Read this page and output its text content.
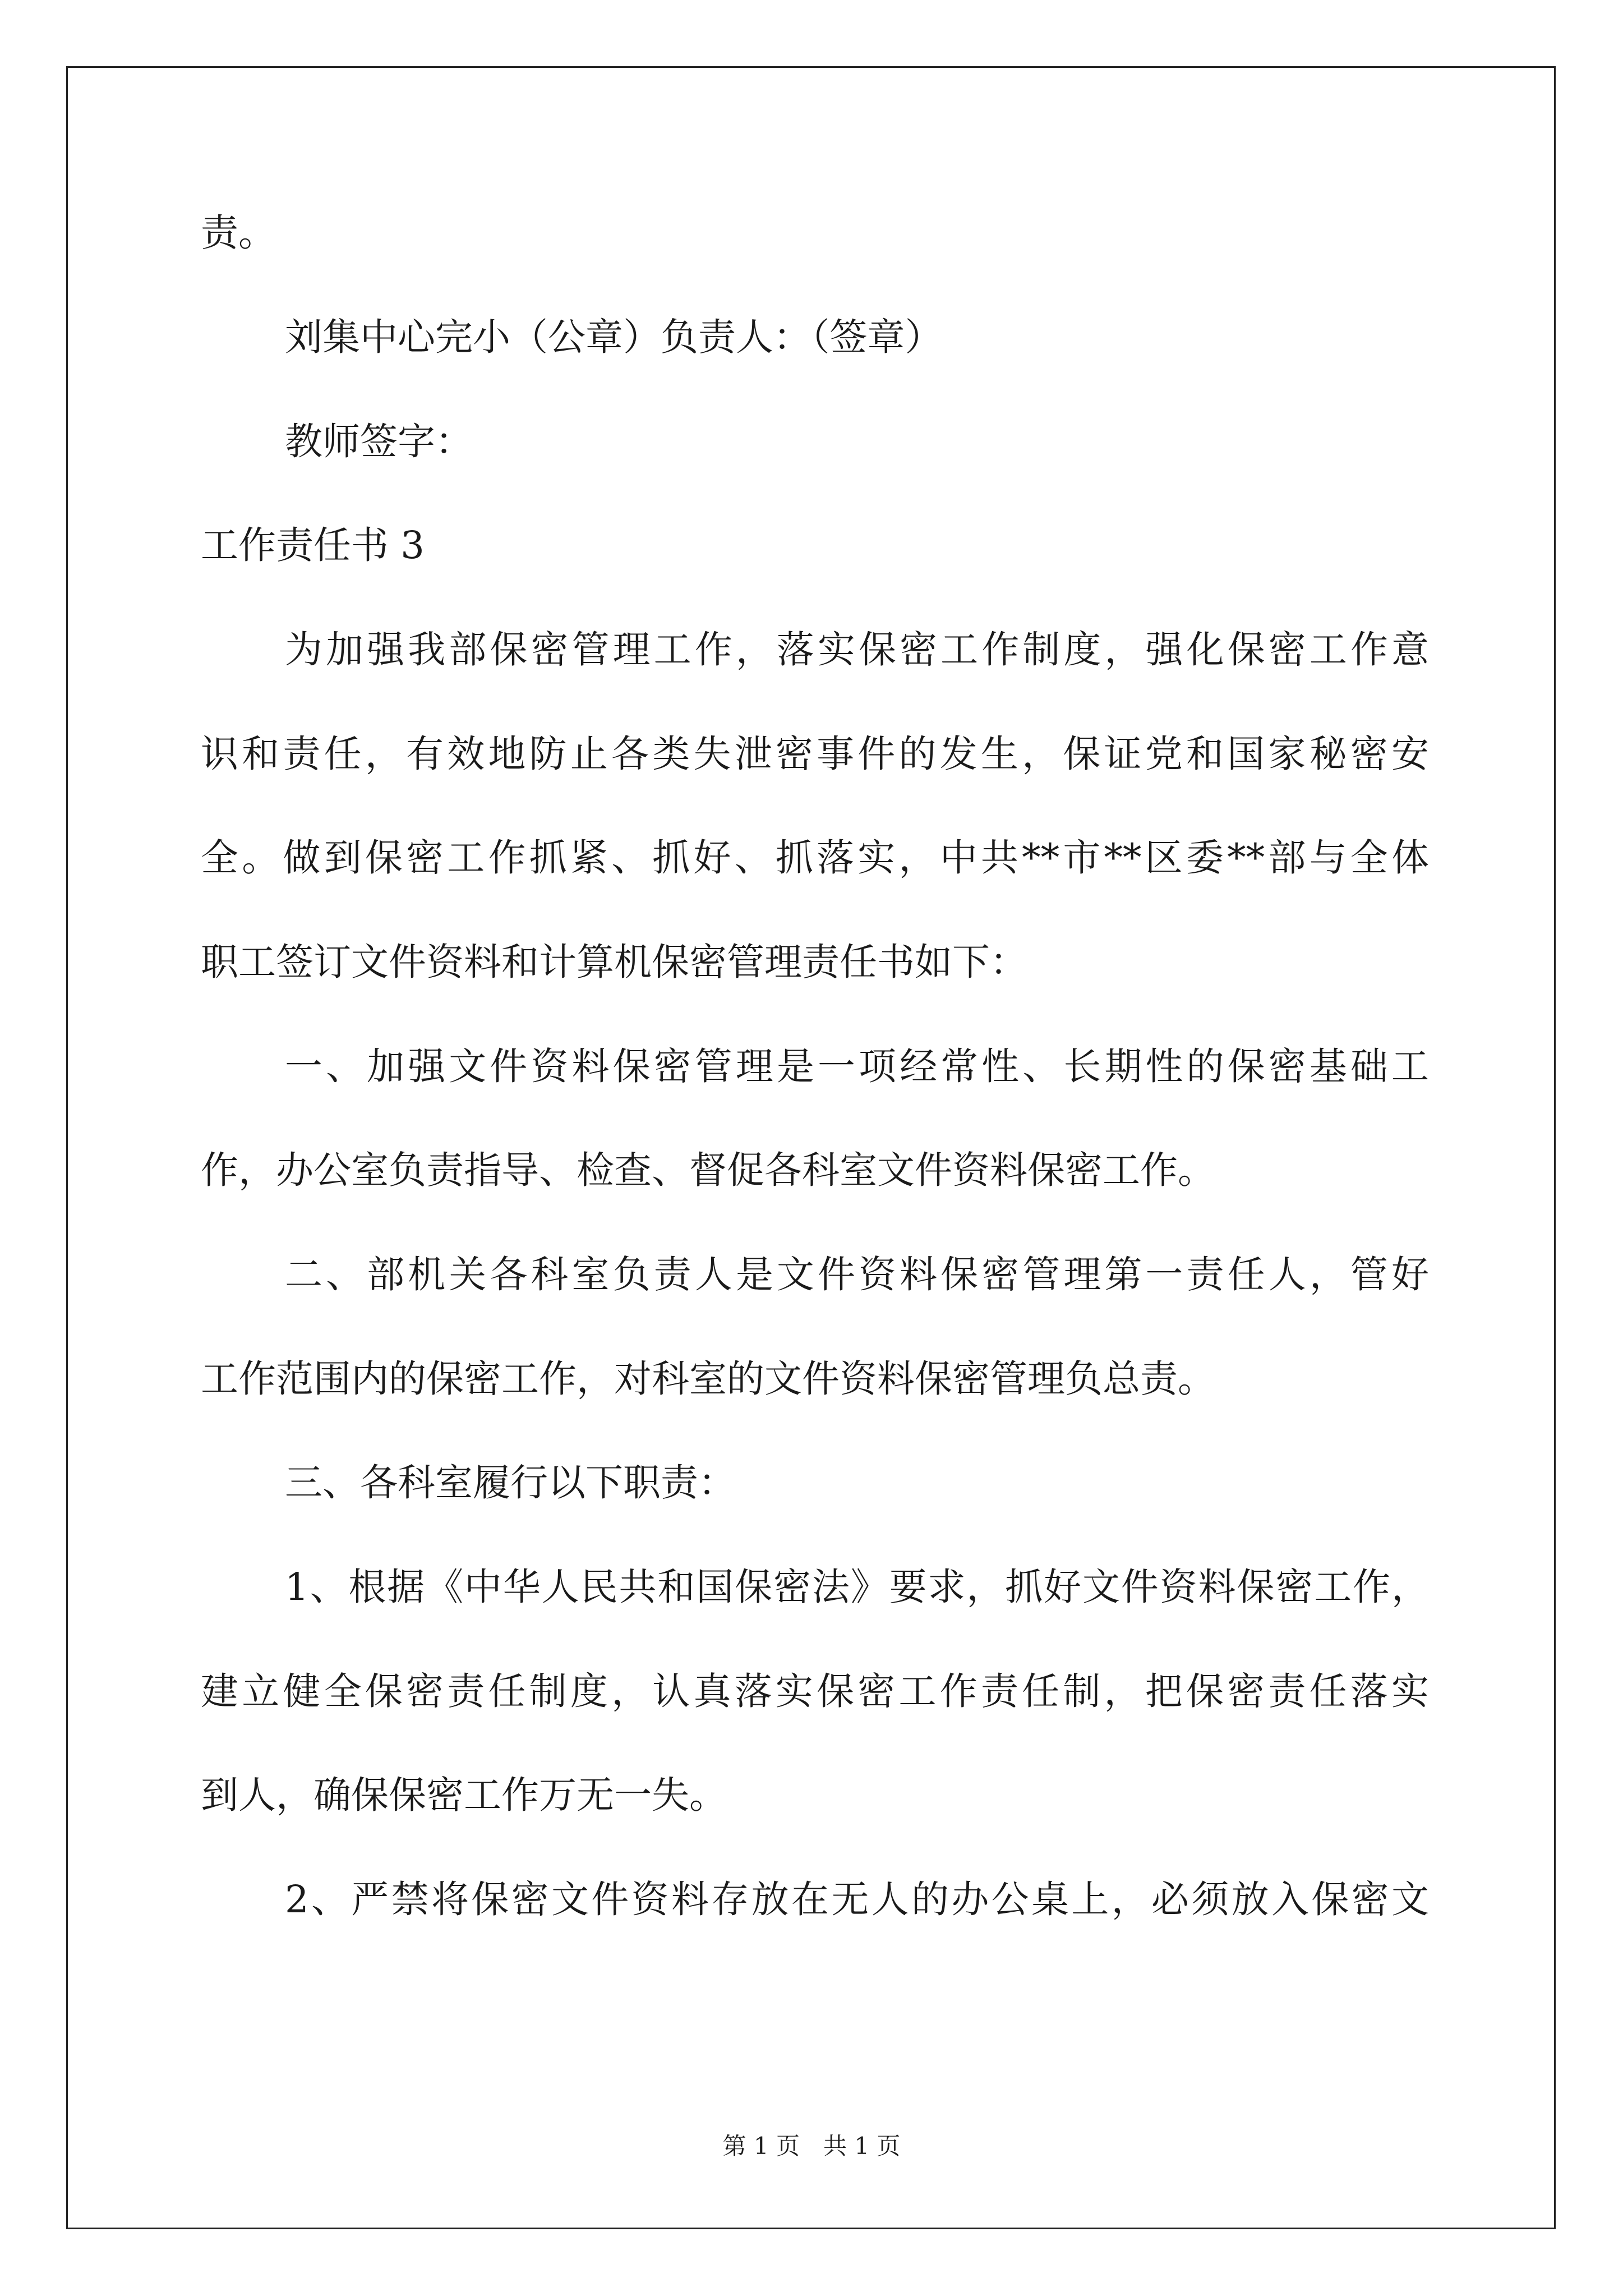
责。
刘集中心完小（公章）负责人：（签章）
教师签字：
工作责任书 3
为加强我部保密管理工作，落实保密工作制度，强化保密工作意
识和责任，有效地防止各类失泄密事件的发生，保证党和国家秘密安
全。做到保密工作抓紧、抓好、抓落实，中共**市**区委**部与全体
职工签订文件资料和计算机保密管理责任书如下：
一、加强文件资料保密管理是一项经常性、长期性的保密基础工
作，办公室负责指导、检查、督促各科室文件资料保密工作。
二、部机关各科室负责人是文件资料保密管理第一责任人，管好
工作范围内的保密工作，对科室的文件资料保密管理负总责。
三、各科室履行以下职责：
1、根据《中华人民共和国保密法》要求，抓好文件资料保密工作，
建立健全保密责任制度，认真落实保密工作责任制，把保密责任落实
到人，确保保密工作万无一失。
2、严禁将保密文件资料存放在无人的办公桌上，必须放入保密文
第 1 页　共 1 页
